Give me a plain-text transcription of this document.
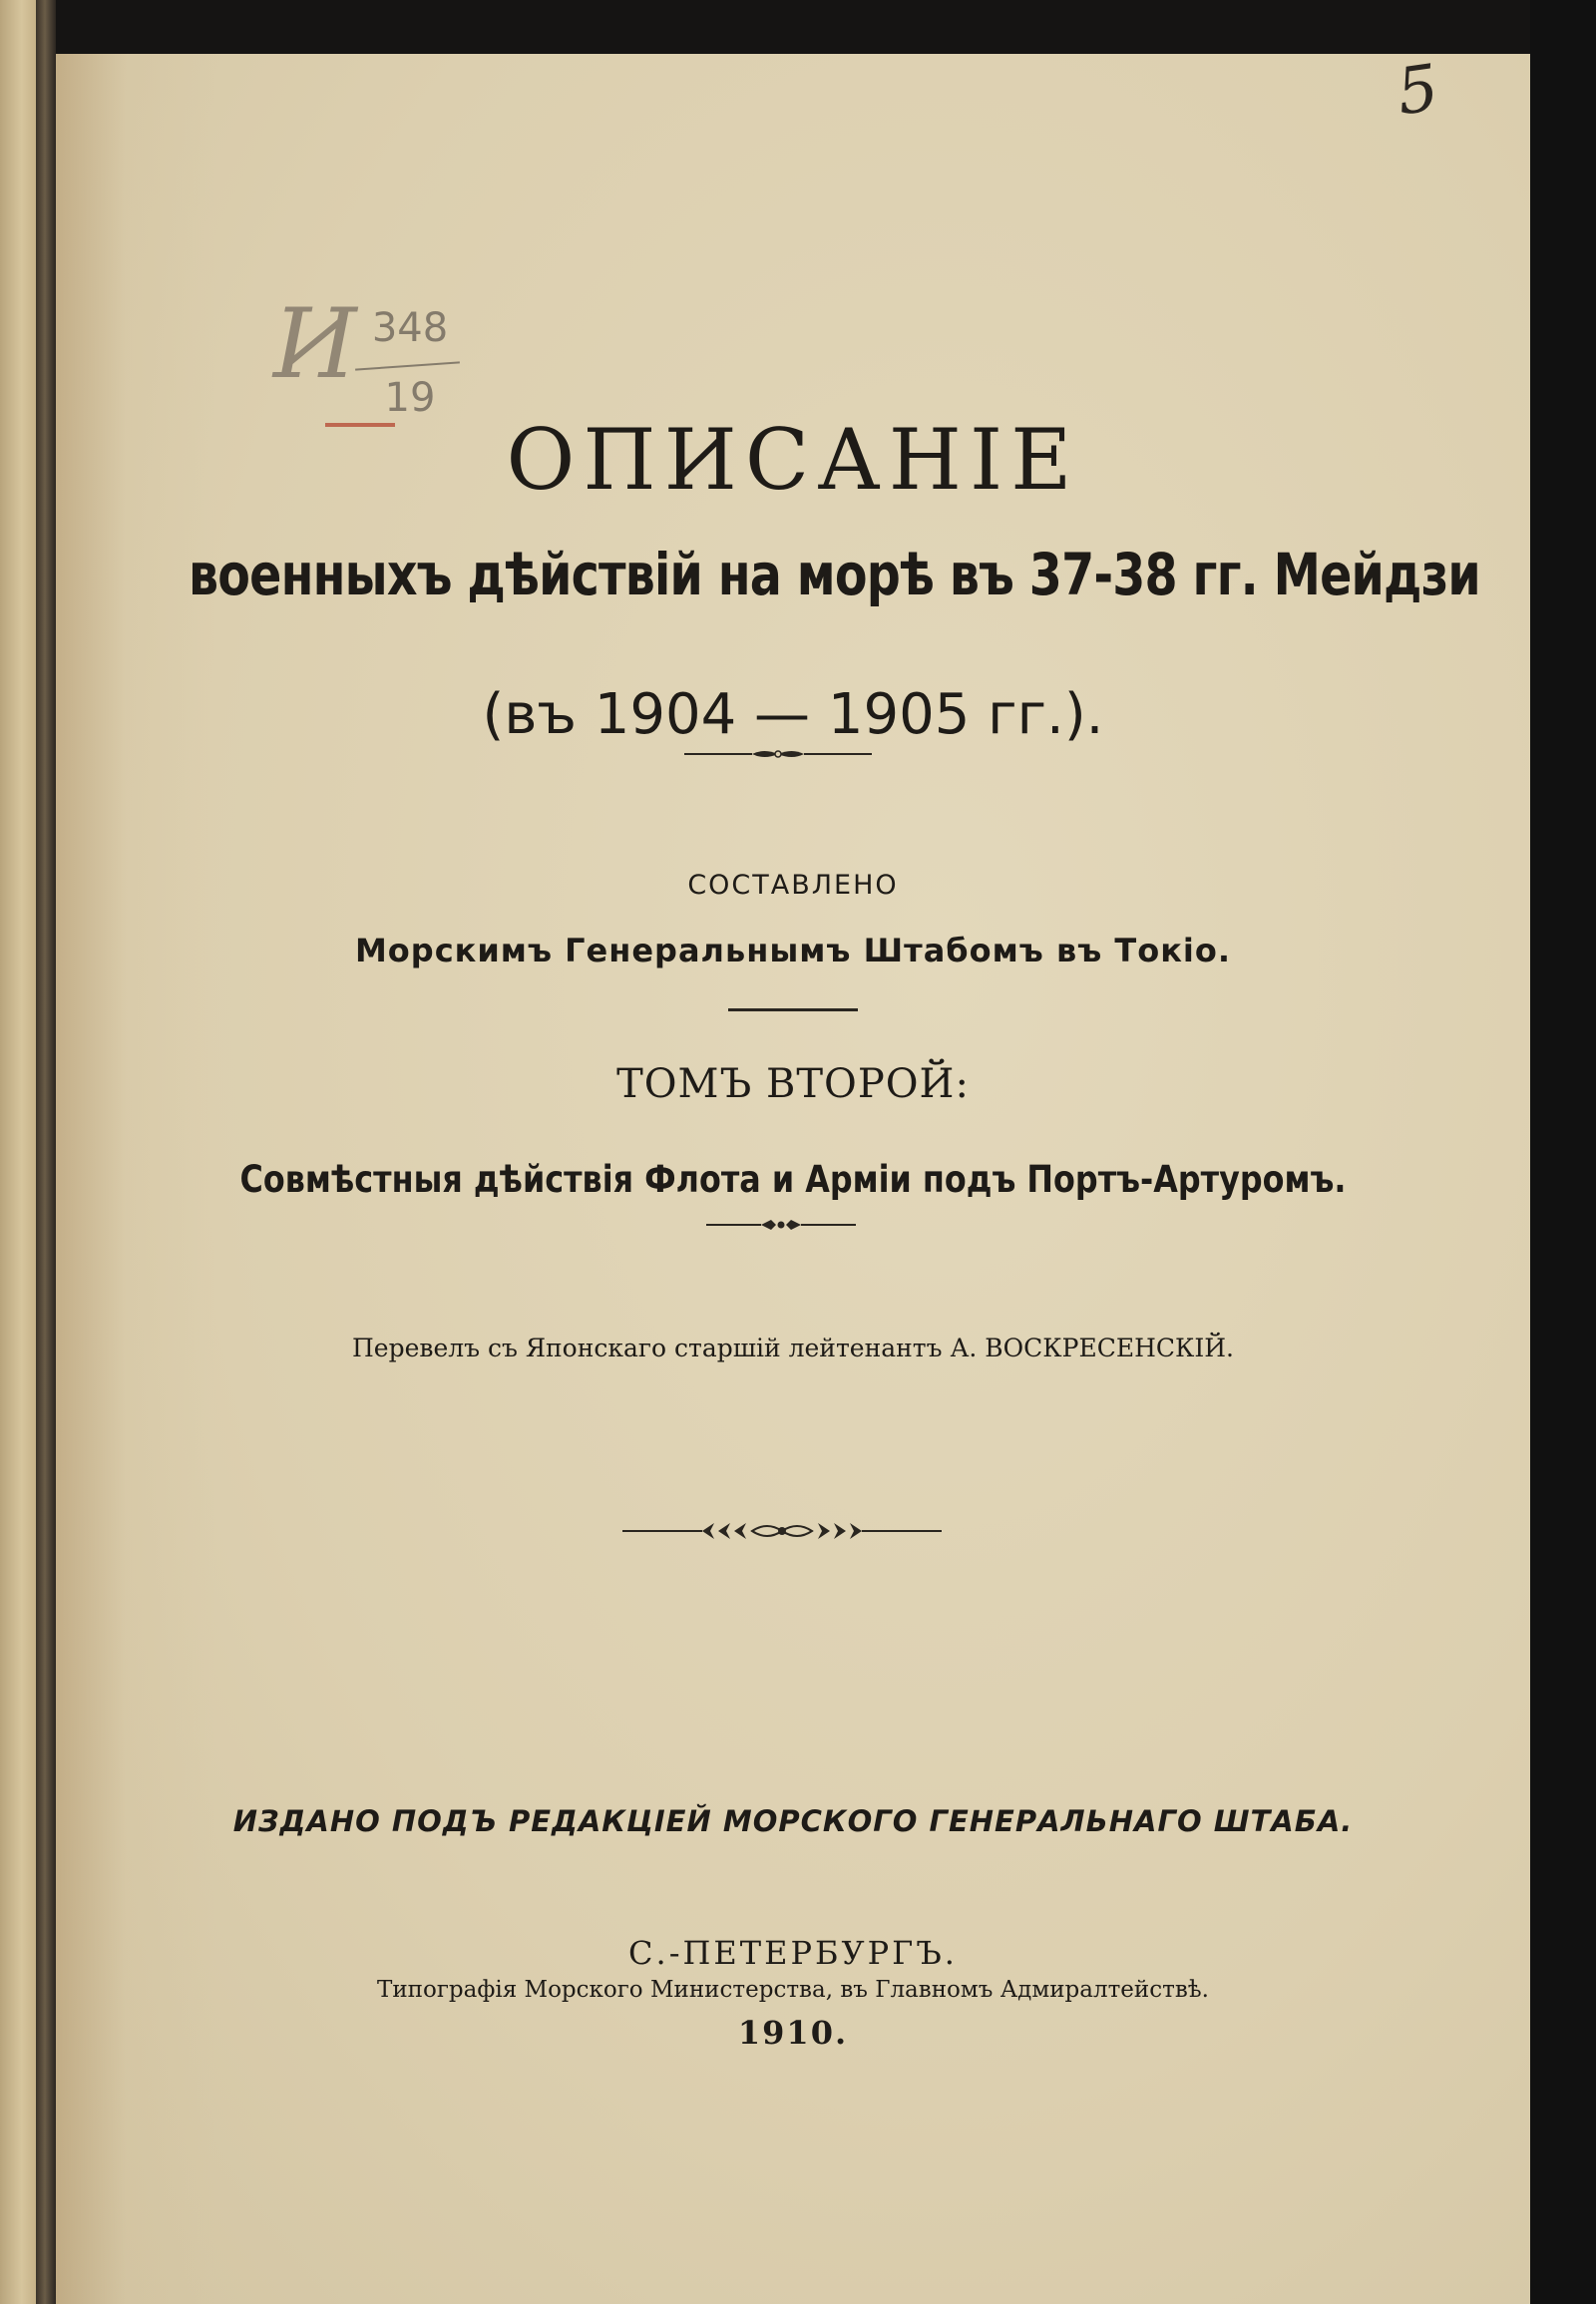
5
И 348
19
ОПИСАНIЕ
военныхъ дѣйствiй на морѣ въ 37-38 гг. Мейдзи
(въ 1904 — 1905 гг.).
СОСТАВЛЕНО
Морскимъ Генеральнымъ Штабомъ въ Токiо.
ТОМЪ ВТОРОЙ:
Совмѣстныя дѣйствiя Флота и Армiи подъ Портъ-Артуромъ.
Перевелъ съ Японскаго старшiй лейтенантъ А. ВОСКРЕСЕНСКIЙ.
ИЗДАНО ПОДЪ РЕДАКЦIЕЙ МОРСКОГО ГЕНЕРАЛЬНАГО ШТАБА.
С.-ПЕТЕРБУРГЪ.
Типографiя Морского Министерства, въ Главномъ Адмиралтействѣ.
1910.
